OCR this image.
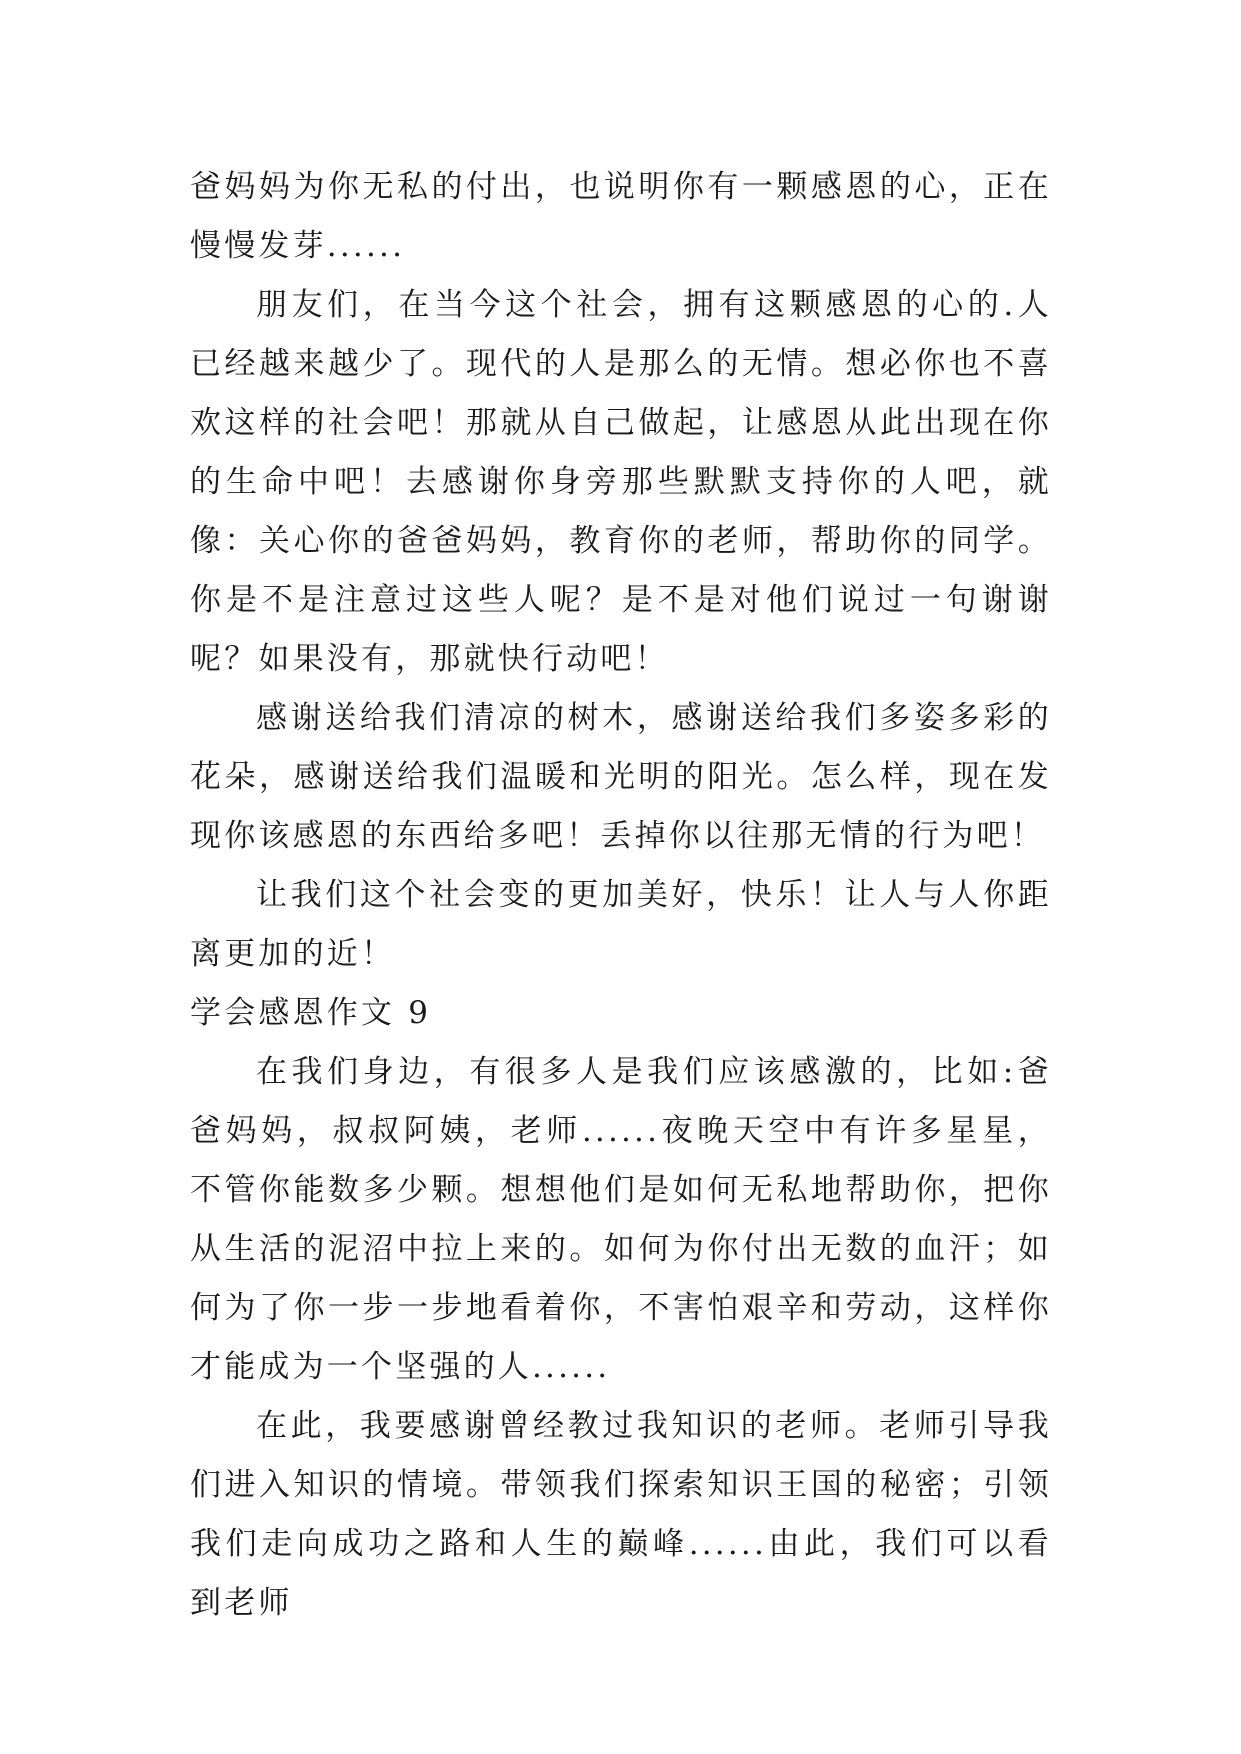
爸妈妈为你无私的付出，也说明你有一颗感恩的心，正在慢慢发芽......

朋友们，在当今这个社会，拥有这颗感恩的心的.人已经越来越少了。现代的人是那么的无情。想必你也不喜欢这样的社会吧！那就从自己做起，让感恩从此出现在你的生命中吧！去感谢你身旁那些默默支持你的人吧，就像：关心你的爸爸妈妈，教育你的老师，帮助你的同学。你是不是注意过这些人呢？是不是对他们说过一句谢谢呢？如果没有，那就快行动吧！

感谢送给我们清凉的树木，感谢送给我们多姿多彩的花朵，感谢送给我们温暖和光明的阳光。怎么样，现在发现你该感恩的东西给多吧！丢掉你以往那无情的行为吧！

让我们这个社会变的更加美好，快乐！让人与人你距离更加的近！

学会感恩作文 9

在我们身边，有很多人是我们应该感激的，比如:爸爸妈妈，叔叔阿姨，老师......夜晚天空中有许多星星，不管你能数多少颗。想想他们是如何无私地帮助你，把你从生活的泥沼中拉上来的。如何为你付出无数的血汗；如何为了你一步一步地看着你，不害怕艰辛和劳动，这样你才能成为一个坚强的人......

在此，我要感谢曾经教过我知识的老师。老师引导我们进入知识的情境。带领我们探索知识王国的秘密；引领我们走向成功之路和人生的巅峰......由此，我们可以看到老师
